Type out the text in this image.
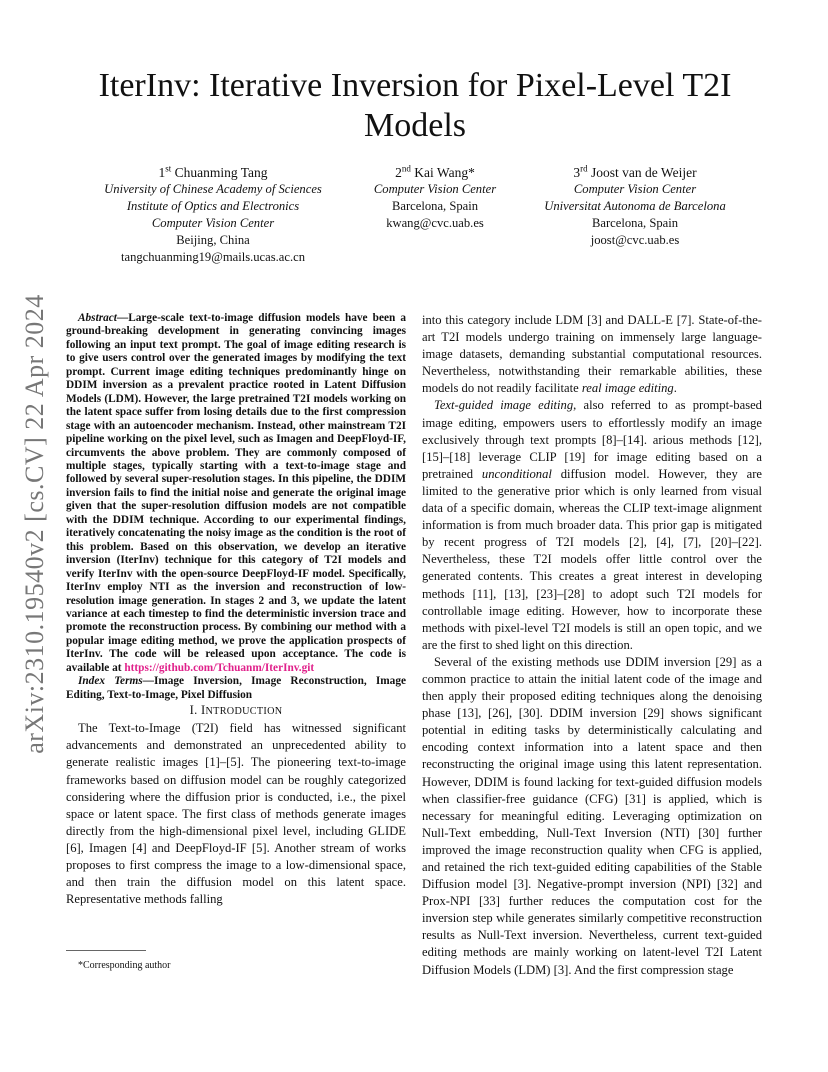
arXiv:2310.19540v2 [cs.CV] 22 Apr 2024
IterInv: Iterative Inversion for Pixel-Level T2I Models
1st Chuanming Tang
University of Chinese Academy of Sciences
Institute of Optics and Electronics
Computer Vision Center
Beijing, China
tangchuanming19@mails.ucas.ac.cn
2nd Kai Wang*
Computer Vision Center
Barcelona, Spain
kwang@cvc.uab.es
3rd Joost van de Weijer
Computer Vision Center
Universitat Autonoma de Barcelona
Barcelona, Spain
joost@cvc.uab.es

Abstract—Large-scale text-to-image diffusion models have been a ground-breaking development in generating convincing images following an input text prompt. The goal of image editing research is to give users control over the generated images by modifying the text prompt. Current image editing techniques predominantly hinge on DDIM inversion as a prevalent practice rooted in Latent Diffusion Models (LDM). However, the large pretrained T2I models working on the latent space suffer from losing details due to the first compression stage with an autoencoder mechanism. Instead, other mainstream T2I pipeline working on the pixel level, such as Imagen and DeepFloyd-IF, circumvents the above problem. They are commonly composed of multiple stages, typically starting with a text-to-image stage and followed by several super-resolution stages. In this pipeline, the DDIM inversion fails to find the initial noise and generate the original image given that the super-resolution diffusion models are not compatible with the DDIM technique. According to our experimental findings, iteratively concatenating the noisy image as the condition is the root of this problem. Based on this observation, we develop an iterative inversion (IterInv) technique for this category of T2I models and verify IterInv with the open-source DeepFloyd-IF model. Specifically, IterInv employ NTI as the inversion and reconstruction of low-resolution image generation. In stages 2 and 3, we update the latent variance at each timestep to find the deterministic inversion trace and promote the reconstruction process. By combining our method with a popular image editing method, we prove the application prospects of IterInv. The code will be released upon acceptance. The code is available at https://github.com/Tchuanm/IterInv.git

Index Terms—Image Inversion, Image Reconstruction, Image Editing, Text-to-Image, Pixel Diffusion

I. INTRODUCTION

The Text-to-Image (T2I) field has witnessed significant advancements and demonstrated an unprecedented ability to generate realistic images [1]–[5]. The pioneering text-to-image frameworks based on diffusion model can be roughly categorized considering where the diffusion prior is conducted, i.e., the pixel space or latent space. The first class of methods generate images directly from the high-dimensional pixel level, including GLIDE [6], Imagen [4] and DeepFloyd-IF [5]. Another stream of works proposes to first compress the image to a low-dimensional space, and then train the diffusion model on this latent space. Representative methods falling

*Corresponding author

into this category include LDM [3] and DALL-E [7]. State-of-the-art T2I models undergo training on immensely large language-image datasets, demanding substantial computational resources. Nevertheless, notwithstanding their remarkable abilities, these models do not readily facilitate real image editing.

Text-guided image editing, also referred to as prompt-based image editing, empowers users to effortlessly modify an image exclusively through text prompts [8]–[14]. arious methods [12], [15]–[18] leverage CLIP [19] for image editing based on a pretrained unconditional diffusion model. However, they are limited to the generative prior which is only learned from visual data of a specific domain, whereas the CLIP text-image alignment information is from much broader data. This prior gap is mitigated by recent progress of T2I models [2], [4], [7], [20]–[22]. Nevertheless, these T2I models offer little control over the generated contents. This creates a great interest in developing methods [11], [13], [23]–[28] to adopt such T2I models for controllable image editing. However, how to incorporate these methods with pixel-level T2I models is still an open topic, and we are the first to shed light on this direction.

Several of the existing methods use DDIM inversion [29] as a common practice to attain the initial latent code of the image and then apply their proposed editing techniques along the denoising phase [13], [26], [30]. DDIM inversion [29] shows significant potential in editing tasks by deterministically calculating and encoding context information into a latent space and then reconstructing the original image using this latent representation. However, DDIM is found lacking for text-guided diffusion models when classifier-free guidance (CFG) [31] is applied, which is necessary for meaningful editing. Leveraging optimization on Null-Text embedding, Null-Text Inversion (NTI) [30] further improved the image reconstruction quality when CFG is applied, and retained the rich text-guided editing capabilities of the Stable Diffusion model [3]. Negative-prompt inversion (NPI) [32] and Prox-NPI [33] further reduces the computation cost for the inversion step while generates similarly competitive reconstruction results as Null-Text inversion. Nevertheless, current text-guided editing methods are mainly working on latent-level T2I Latent Diffusion Models (LDM) [3]. And the first compression stage
